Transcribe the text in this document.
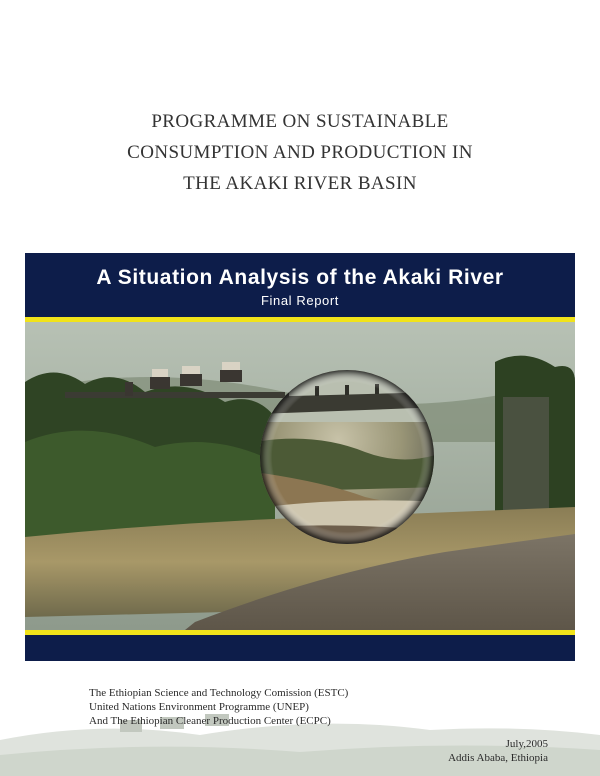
PROGRAMME ON SUSTAINABLE
CONSUMPTION AND PRODUCTION IN
THE AKAKI RIVER BASIN
A Situation Analysis of the Akaki River
Final Report
The Ethiopian Science and Technology Comission (ESTC)
United Nations Environment Programme (UNEP)
And The Ethiopian Cleaner Production Center (ECPC)
July,2005
Addis Ababa, Ethiopia
